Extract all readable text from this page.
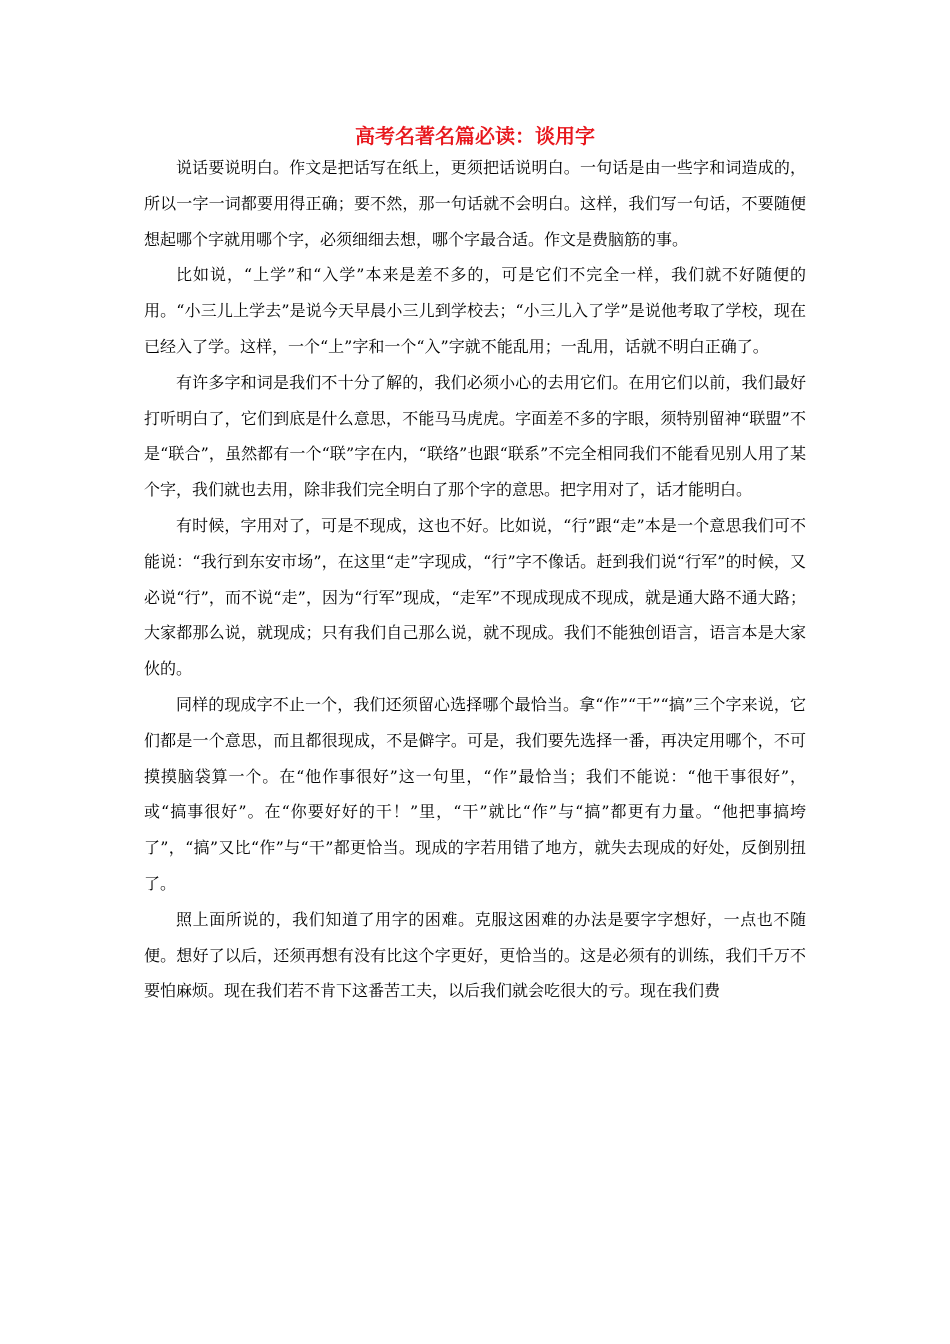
高考名著名篇必读：谈用字

说话要说明白。作文是把话写在纸上，更须把话说明白。一句话是由一些字和词造成的，所以一字一词都要用得正确；要不然，那一句话就不会明白。这样，我们写一句话，不要随便想起哪个字就用哪个字，必须细细去想，哪个字最合适。作文是费脑筋的事。

比如说，“上学”和“入学”本来是差不多的，可是它们不完全一样，我们就不好随便的用。“小三儿上学去”是说今天早晨小三儿到学校去；“小三儿入了学”是说他考取了学校，现在已经入了学。这样，一个“上”字和一个“入”字就不能乱用；一乱用，话就不明白正确了。

有许多字和词是我们不十分了解的，我们必须小心的去用它们。在用它们以前，我们最好打听明白了，它们到底是什么意思，不能马马虎虎。字面差不多的字眼，须特别留神“联盟”不是“联合”，虽然都有一个“联”字在内，“联络”也跟“联系”不完全相同我们不能看见别人用了某个字，我们就也去用，除非我们完全明白了那个字的意思。把字用对了，话才能明白。

有时候，字用对了，可是不现成，这也不好。比如说，“行”跟“走”本是一个意思我们可不能说：“我行到东安市场”，在这里“走”字现成，“行”字不像话。赶到我们说“行军”的时候，又必说“行”，而不说“走”，因为“行军”现成，“走军”不现成现成不现成，就是通大路不通大路；大家都那么说，就现成；只有我们自己那么说，就不现成。我们不能独创语言，语言本是大家伙的。

同样的现成字不止一个，我们还须留心选择哪个最恰当。拿“作”“干”“搞”三个字来说，它们都是一个意思，而且都很现成，不是僻字。可是，我们要先选择一番，再决定用哪个，不可摸摸脑袋算一个。在“他作事很好”这一句里，“作”最恰当；我们不能说：“他干事很好”，或“搞事很好”。在“你要好好的干！”里，“干”就比“作”与“搞”都更有力量。“他把事搞垮了”，“搞”又比“作”与“干”都更恰当。现成的字若用错了地方，就失去现成的好处，反倒别扭了。

照上面所说的，我们知道了用字的困难。克服这困难的办法是要字字想好，一点也不随便。想好了以后，还须再想有没有比这个字更好，更恰当的。这是必须有的训练，我们千万不要怕麻烦。现在我们若不肯下这番苦工夫，以后我们就会吃很大的亏。现在我们费
